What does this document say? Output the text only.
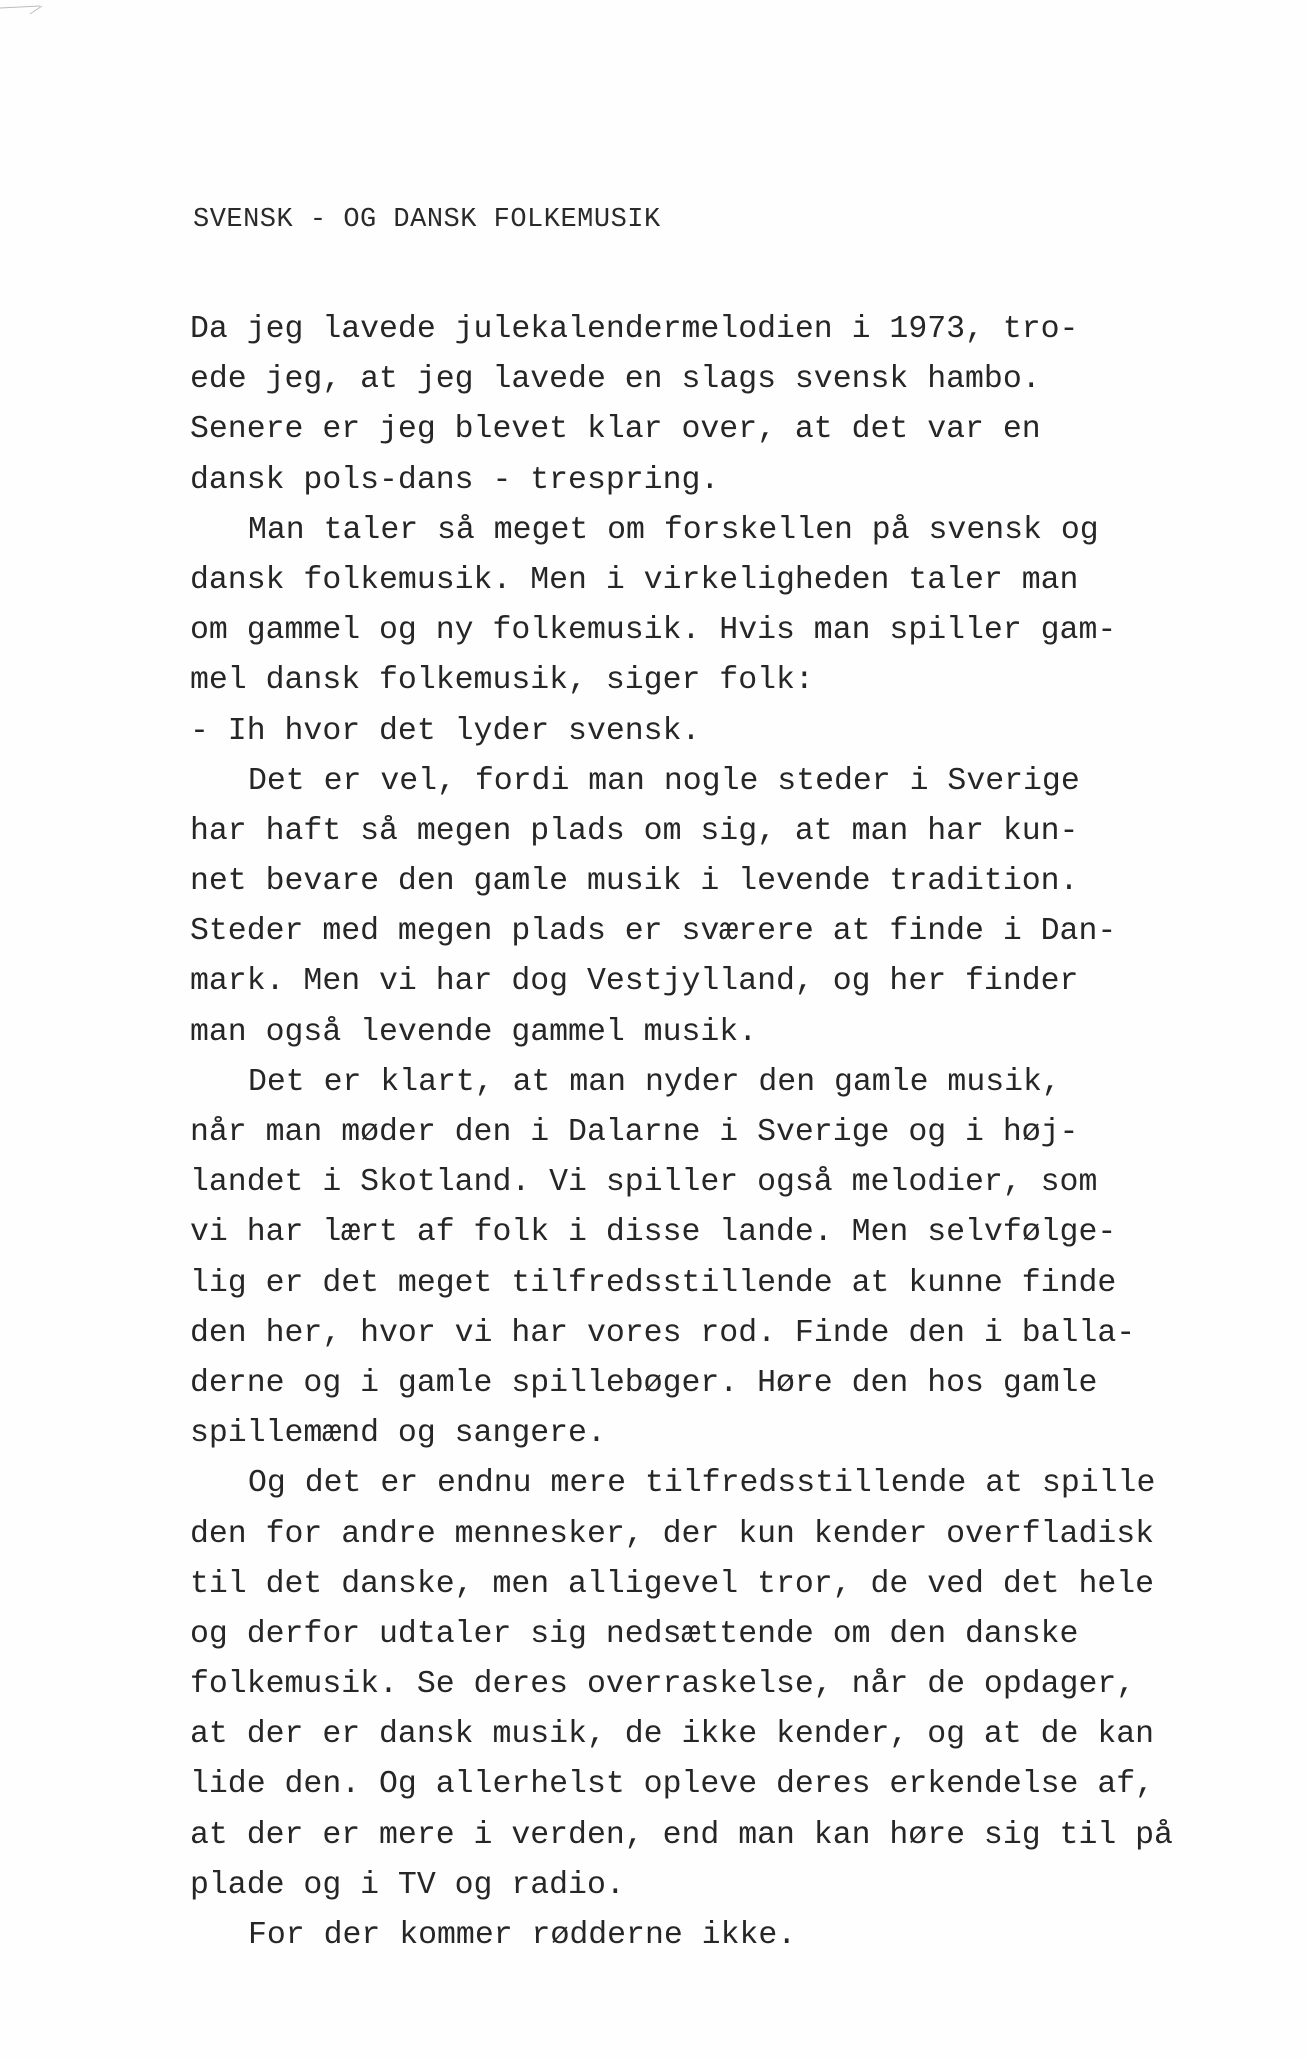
SVENSK - OG DANSK FOLKEMUSIK
Da jeg lavede julekalendermelodien i 1973, tro-
ede jeg, at jeg lavede en slags svensk hambo.
Senere er jeg blevet klar over, at det var en
dansk pols-dans - trespring.
Man taler så meget om forskellen på svensk og
dansk folkemusik. Men i virkeligheden taler man
om gammel og ny folkemusik. Hvis man spiller gam-
mel dansk folkemusik, siger folk:
- Ih hvor det lyder svensk.
Det er vel, fordi man nogle steder i Sverige
har haft så megen plads om sig, at man har kun-
net bevare den gamle musik i levende tradition.
Steder med megen plads er sværere at finde i Dan-
mark. Men vi har dog Vestjylland, og her finder
man også levende gammel musik.
Det er klart, at man nyder den gamle musik,
når man møder den i Dalarne i Sverige og i høj-
landet i Skotland. Vi spiller også melodier, som
vi har lært af folk i disse lande. Men selvfølge-
lig er det meget tilfredsstillende at kunne finde
den her, hvor vi har vores rod. Finde den i balla-
derne og i gamle spillebøger. Høre den hos gamle
spillemænd og sangere.
Og det er endnu mere tilfredsstillende at spille
den for andre mennesker, der kun kender overfladisk
til det danske, men alligevel tror, de ved det hele
og derfor udtaler sig nedsættende om den danske
folkemusik. Se deres overraskelse, når de opdager,
at der er dansk musik, de ikke kender, og at de kan
lide den. Og allerhelst opleve deres erkendelse af,
at der er mere i verden, end man kan høre sig til på
plade og i TV og radio.
For der kommer rødderne ikke.
